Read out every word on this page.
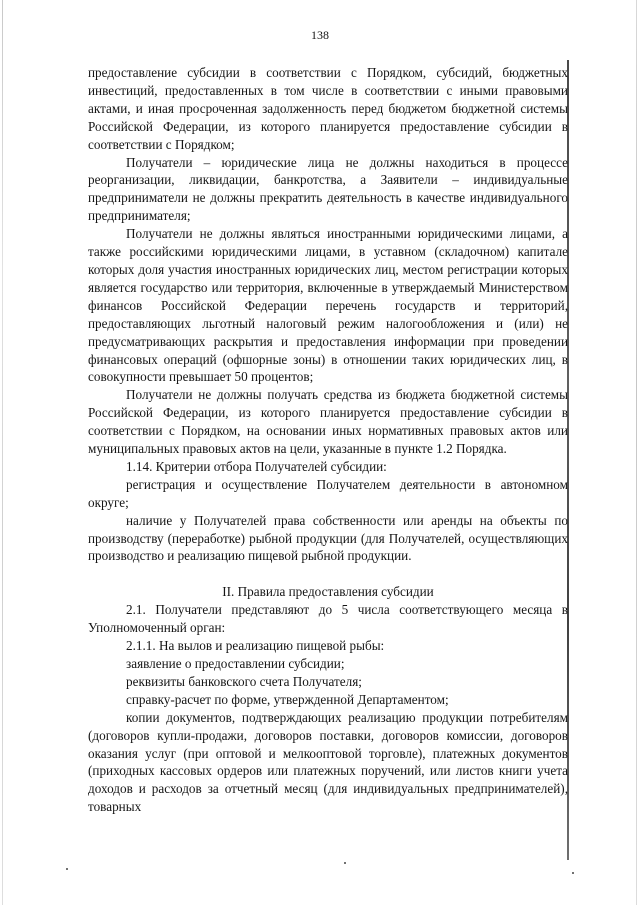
138

предоставление субсидии в соответствии с Порядком, субсидий, бюджетных инвестиций, предоставленных в том числе в соответствии с иными правовыми актами, и иная просроченная задолженность перед бюджетом бюджетной системы Российской Федерации, из которого планируется предоставление субсидии в соответствии с Порядком;

Получатели – юридические лица не должны находиться в процессе реорганизации, ликвидации, банкротства, а Заявители – индивидуальные предприниматели не должны прекратить деятельность в качестве индивидуального предпринимателя;

Получатели не должны являться иностранными юридическими лицами, а также российскими юридическими лицами, в уставном (складочном) капитале которых доля участия иностранных юридических лиц, местом регистрации которых является государство или территория, включенные в утверждаемый Министерством финансов Российской Федерации перечень государств и территорий, предоставляющих льготный налоговый режим налогообложения и (или) не предусматривающих раскрытия и предоставления информации при проведении финансовых операций (офшорные зоны) в отношении таких юридических лиц, в совокупности превышает 50 процентов;

Получатели не должны получать средства из бюджета бюджетной системы Российской Федерации, из которого планируется предоставление субсидии в соответствии с Порядком, на основании иных нормативных правовых актов или муниципальных правовых актов на цели, указанные в пункте 1.2 Порядка.

1.14. Критерии отбора Получателей субсидии:

регистрация и осуществление Получателем деятельности в автономном округе;

наличие у Получателей права собственности или аренды на объекты по производству (переработке) рыбной продукции (для Получателей, осуществляющих производство и реализацию пищевой рыбной продукции.

II. Правила предоставления субсидии

2.1. Получатели представляют до 5 числа соответствующего месяца в Уполномоченный орган:

2.1.1. На вылов и реализацию пищевой рыбы:

заявление о предоставлении субсидии;

реквизиты банковского счета Получателя;

справку-расчет по форме, утвержденной Департаментом;

копии документов, подтверждающих реализацию продукции потребителям (договоров купли-продажи, договоров поставки, договоров комиссии, договоров оказания услуг (при оптовой и мелкооптовой торговле), платежных документов (приходных кассовых ордеров или платежных поручений, или листов книги учета доходов и расходов за отчетный месяц (для индивидуальных предпринимателей), товарных
